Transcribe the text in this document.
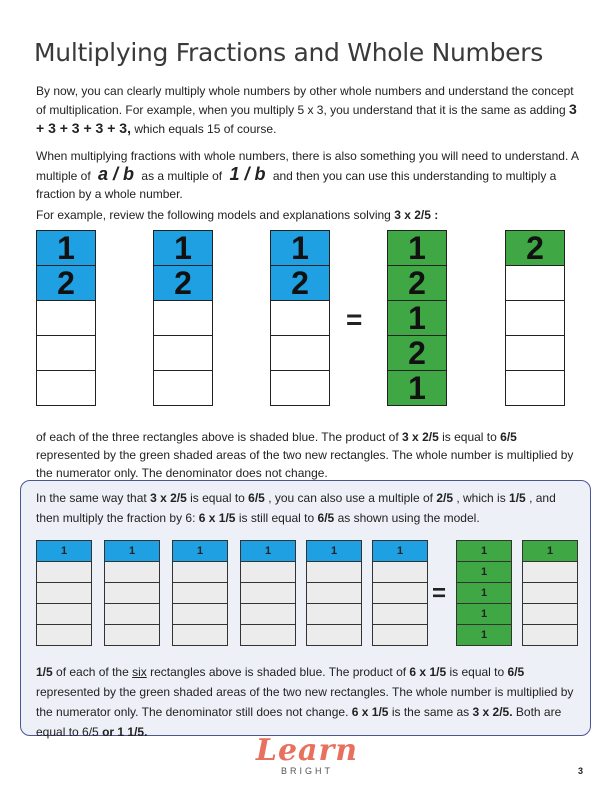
Multiplying Fractions and Whole Numbers
By now, you can clearly multiply whole numbers by other whole numbers and understand the concept of multiplication. For example, when you multiply 5 x 3, you understand that it is the same as adding 3 + 3 + 3 + 3 + 3, which equals 15 of course.
When multiplying fractions with whole numbers, there is also something you will need to understand. A multiple of a / b as a multiple of 1 / b and then you can use this understanding to multiply a fraction by a whole number.
For example, review the following models and explanations solving 3 x 2/5 :
1
2
1
2
1
2
1
2
1
2
1
2
=
of each of the three rectangles above is shaded blue. The product of 3 x 2/5 is equal to 6/5 represented by the green shaded areas of the two new rectangles. The whole number is multiplied by the numerator only. The denominator does not change.
In the same way that 3 x 2/5 is equal to 6/5 , you can also use a multiple of 2/5 , which is 1/5 , and then multiply the fraction by 6: 6 x 1/5 is still equal to 6/5 as shown using the model.
1	1	1	1	1	1	1
1
1
1
1
1
=
1/5 of each of the six rectangles above is shaded blue. The product of 6 x 1/5 is equal to 6/5 represented by the green shaded areas of the two new rectangles. The whole number is multiplied by the numerator only. The denominator still does not change. 6 x 1/5 is the same as 3 x 2/5. Both are equal to 6/5 or 1 1/5.
Learn
BRIGHT	3
